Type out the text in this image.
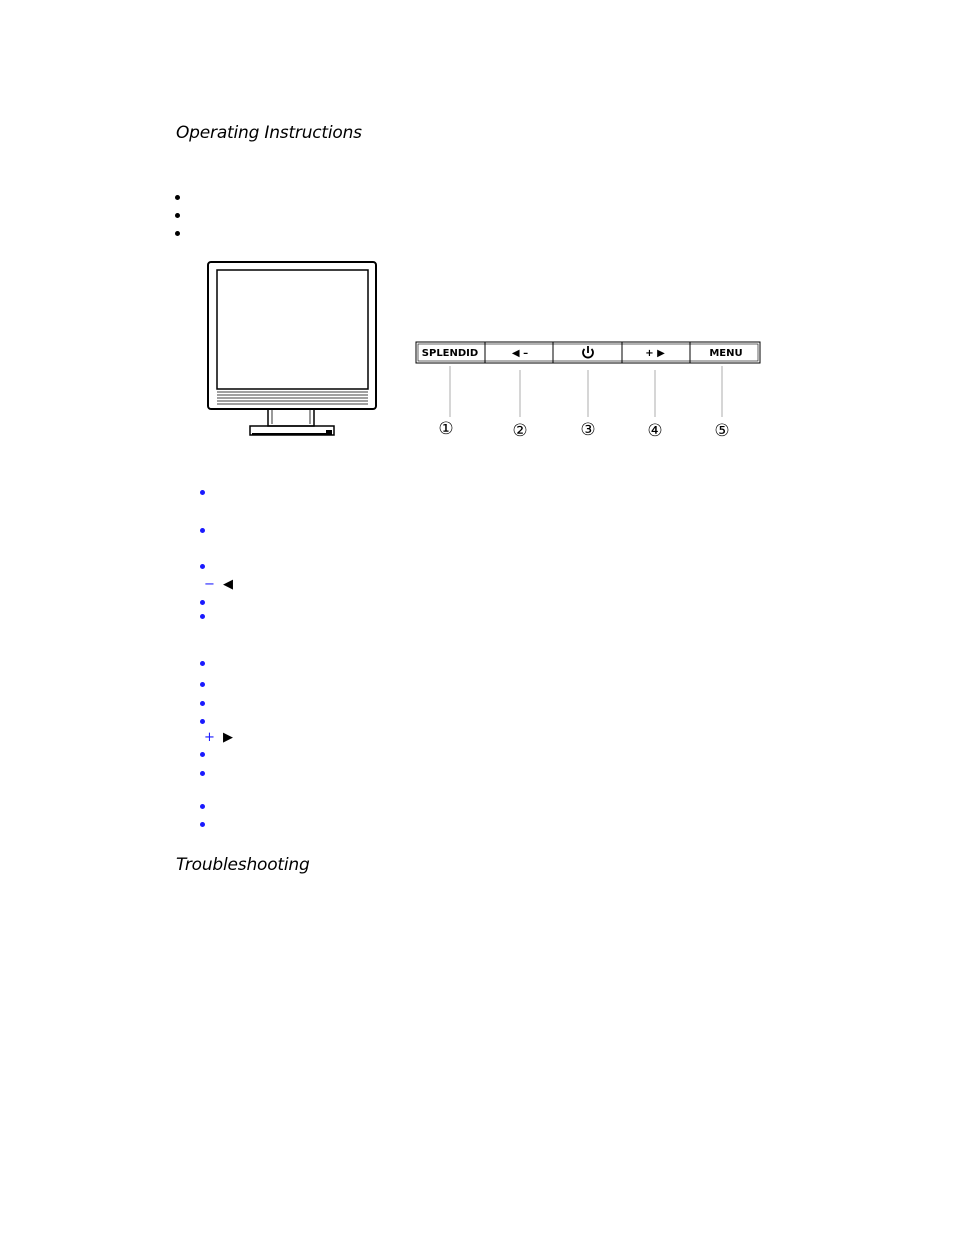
Operating Instructions
SPLENDID	◀ –	+ ▶	MENU
①	②	③	④	⑤
− ◀
+ ▶
Troubleshooting
